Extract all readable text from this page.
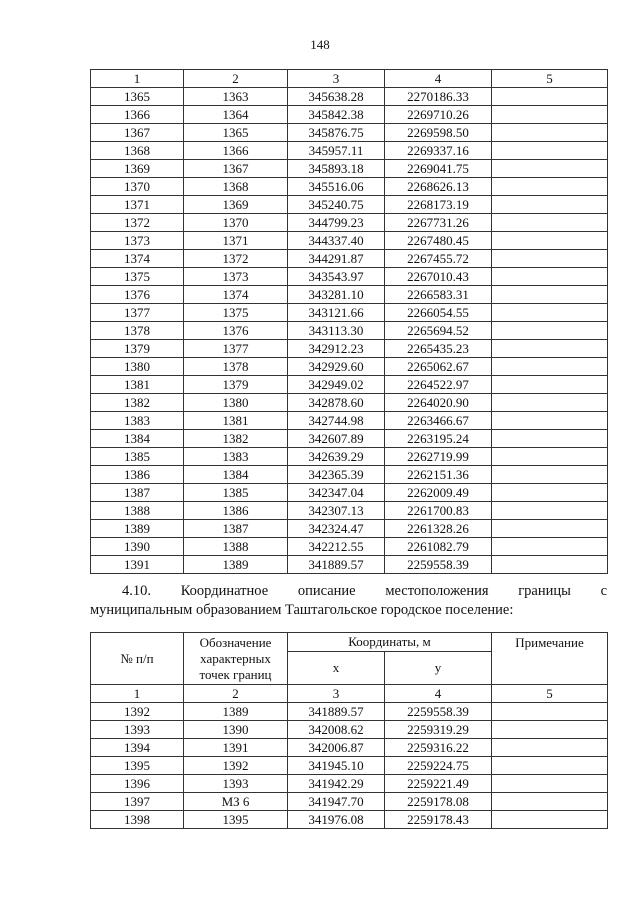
148
1	2	3	4	5
1365	1363	345638.28	2270186.33	
1366	1364	345842.38	2269710.26	
1367	1365	345876.75	2269598.50	
1368	1366	345957.11	2269337.16	
1369	1367	345893.18	2269041.75	
1370	1368	345516.06	2268626.13	
1371	1369	345240.75	2268173.19	
1372	1370	344799.23	2267731.26	
1373	1371	344337.40	2267480.45	
1374	1372	344291.87	2267455.72	
1375	1373	343543.97	2267010.43	
1376	1374	343281.10	2266583.31	
1377	1375	343121.66	2266054.55	
1378	1376	343113.30	2265694.52	
1379	1377	342912.23	2265435.23	
1380	1378	342929.60	2265062.67	
1381	1379	342949.02	2264522.97	
1382	1380	342878.60	2264020.90	
1383	1381	342744.98	2263466.67	
1384	1382	342607.89	2263195.24	
1385	1383	342639.29	2262719.99	
1386	1384	342365.39	2262151.36	
1387	1385	342347.04	2262009.49	
1388	1386	342307.13	2261700.83	
1389	1387	342324.47	2261328.26	
1390	1388	342212.55	2261082.79	
1391	1389	341889.57	2259558.39	
4.10. Координатное описание местоположения границы с
муниципальным образованием Таштагольское городское поселение:
№ п/п	Обозначение характерных точек границ	Координаты, м		Примечание
		x	y	
1	2	3	4	5
1392	1389	341889.57	2259558.39	
1393	1390	342008.62	2259319.29	
1394	1391	342006.87	2259316.22	
1395	1392	341945.10	2259224.75	
1396	1393	341942.29	2259221.49	
1397	МЗ 6	341947.70	2259178.08	
1398	1395	341976.08	2259178.43	
